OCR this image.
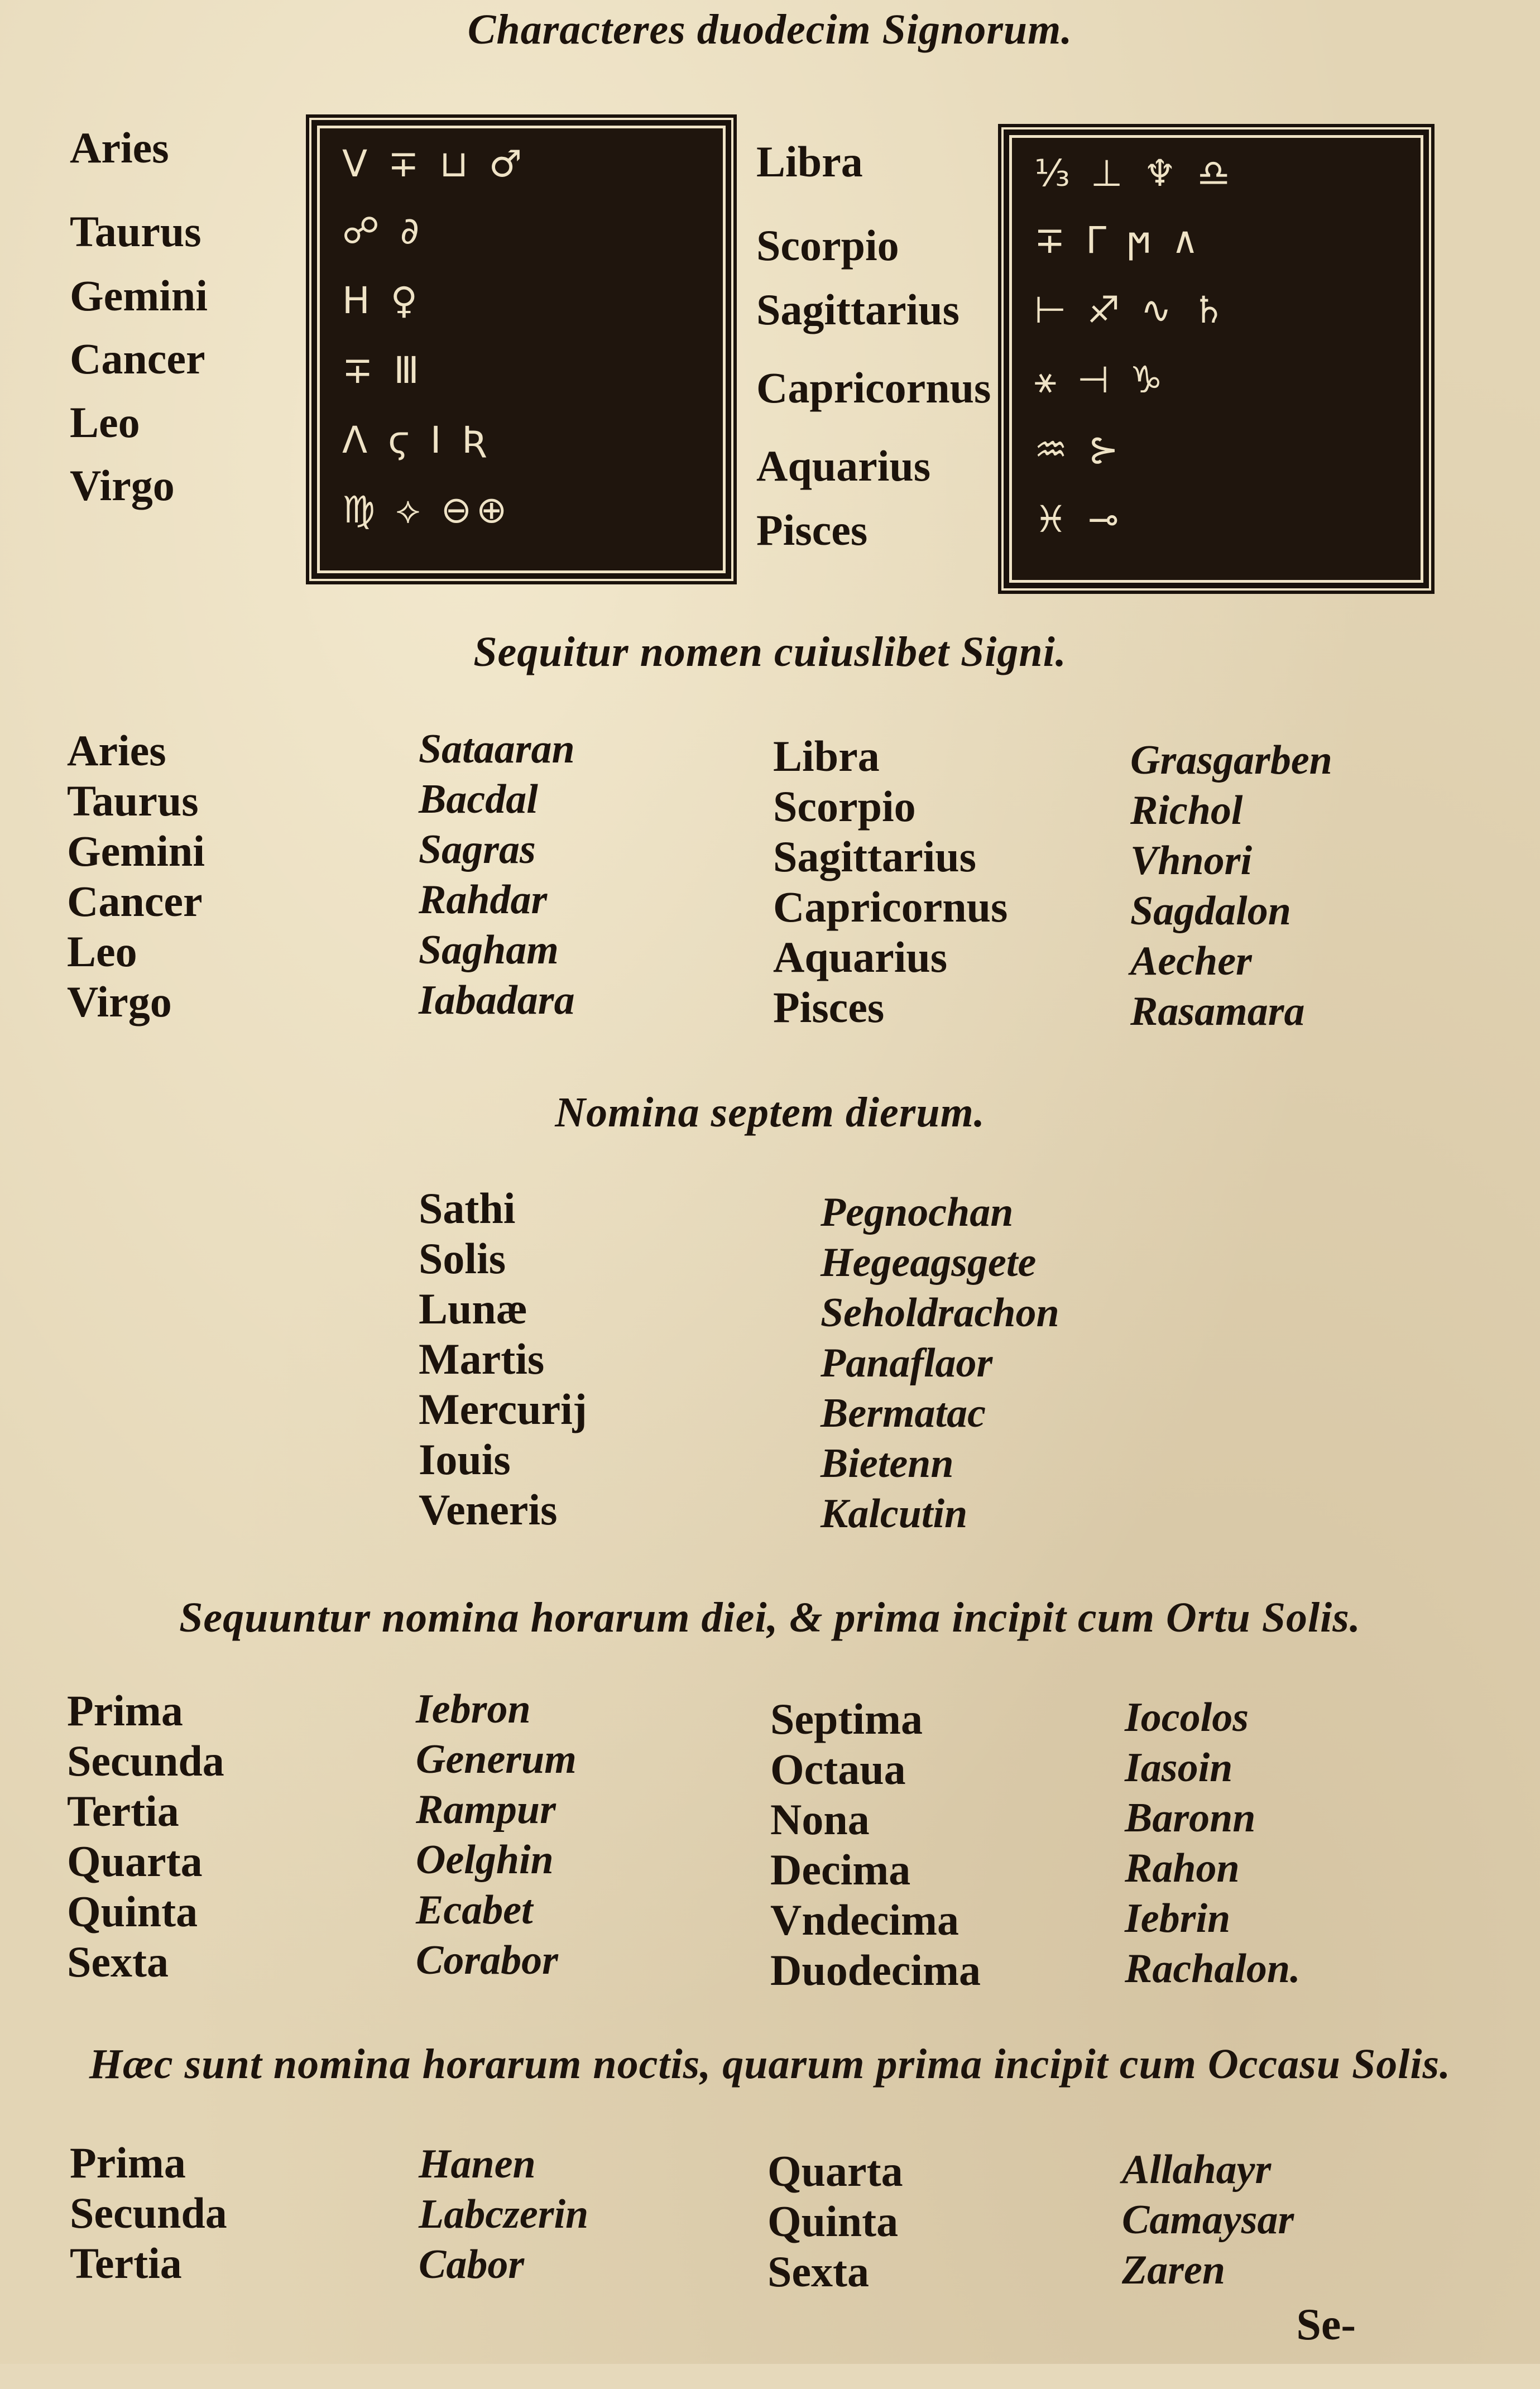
Characteres duodecim Signorum.
Aries
Taurus
Gemini
Cancer
Leo
Virgo
V ∓ ⊔ ♂
☍ ∂
H ♀
∓ Ⅲ
Λ ϛ Ι Ʀ
♍ ⟡ ⊖⊕
Libra
Scorpio
Sagittarius
Capricornus
Aquarius
Pisces
⅓ ⊥ ♆ ♎
∓ Γ ϻ ∧
⊢ ♐ ∿ ♄
⚹ ⊣ ♑
♒ ⊱
♓ ⊸
Sequitur nomen cuiuslibet Signi.
Aries
Taurus
Gemini
Cancer
Leo
Virgo
Sataaran
Bacdal
Sagras
Rahdar
Sagham
Iabadara
Libra
Scorpio
Sagittarius
Capricornus
Aquarius
Pisces
Grasgarben
Richol
Vhnori
Sagdalon
Aecher
Rasamara
Nomina septem dierum.
Sathi
Solis
Lunæ
Martis
Mercurij
Iouis
Veneris
Pegnochan
Hegeagsgete
Seholdrachon
Panaflaor
Bermatac
Bietenn
Kalcutin
Sequuntur nomina horarum diei, & prima incipit cum Ortu Solis.
Prima
Secunda
Tertia
Quarta
Quinta
Sexta
Iebron
Generum
Rampur
Oelghin
Ecabet
Corabor
Septima
Octaua
Nona
Decima
Vndecima
Duodecima
Iocolos
Iasoin
Baronn
Rahon
Iebrin
Rachalon.
Hæc sunt nomina horarum noctis, quarum prima incipit cum Occasu Solis.
Prima
Secunda
Tertia
Hanen
Labczerin
Cabor
Quarta
Quinta
Sexta
Allahayr
Camaysar
Zaren
Se-
